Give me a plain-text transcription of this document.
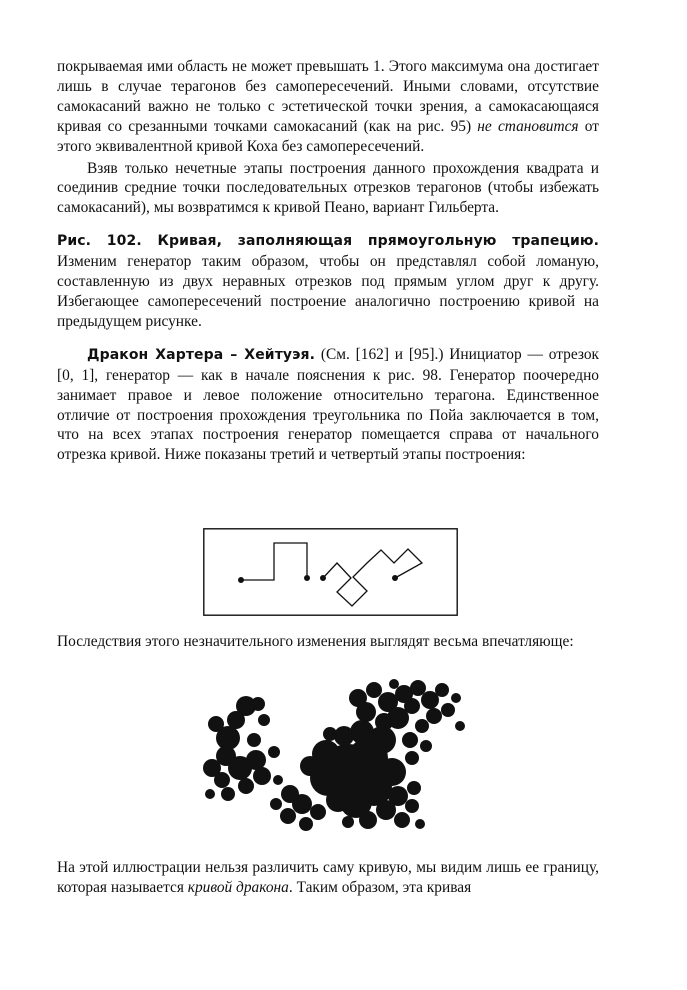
покрываемая ими область не может превышать 1. Этого максимума она достигает лишь в случае терагонов без самопересечений. Иными словами, отсутствие самокасаний важно не только с эстетической точки зрения, а самокасающаяся кривая со срезанными точками самокасаний (как на рис. 95) не становится от этого эквивалентной кривой Коха без самопересечений.

Взяв только нечетные этапы построения данного прохождения квадрата и соединив средние точки последовательных отрезков терагонов (чтобы избежать самокасаний), мы возвратимся к кривой Пеано, вариант Гильберта.

Рис. 102. Кривая, заполняющая прямоугольную трапецию. Изменим генератор таким образом, чтобы он представлял собой ломаную, составленную из двух неравных отрезков под прямым углом друг к другу. Избегающее самопересечений построение аналогично построению кривой на предыдущем рисунке.

Дракон Хартера – Хейтуэя. (См. [162] и [95].) Инициатор — отрезок [0, 1], генератор — как в начале пояснения к рис. 98. Генератор поочередно занимает правое и левое положение относительно терагона. Единственное отличие от построения прохождения треугольника по Пойа заключается в том, что на всех этапах построения генератор помещается справа от начального отрезка кривой. Ниже показаны третий и четвертый этапы построения:

Последствия этого незначительного изменения выглядят весьма впечатляюще:

На этой иллюстрации нельзя различить саму кривую, мы видим лишь ее границу, которая называется кривой дракона. Таким образом, эта кривая
